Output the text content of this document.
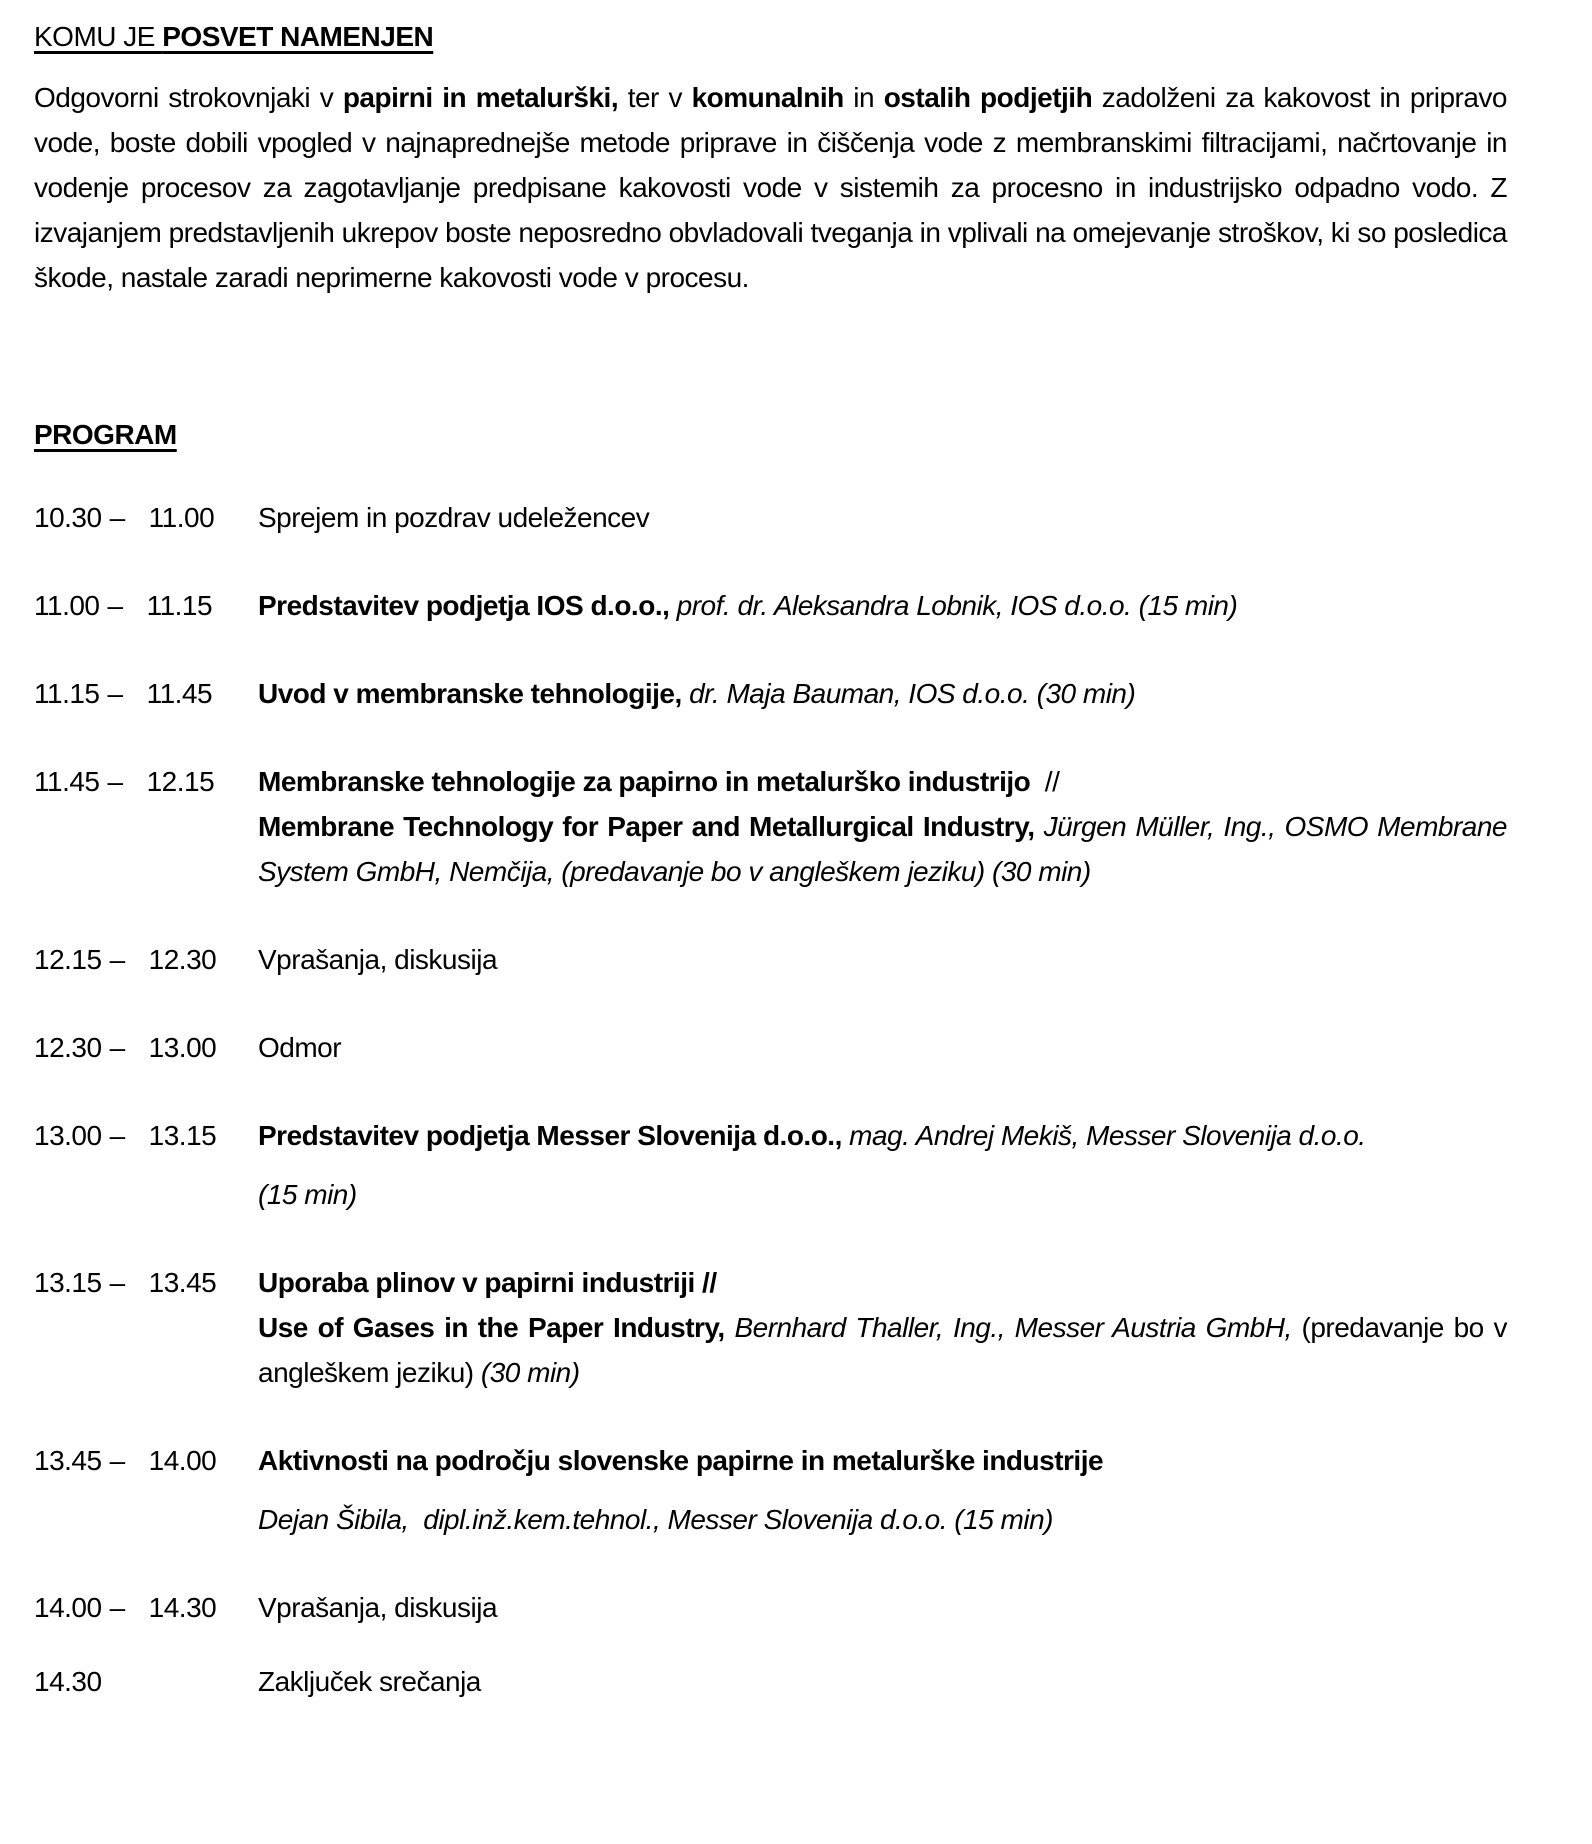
KOMU JE POSVET NAMENJEN

Odgovorni strokovnjaki v papirni in metalurški, ter v komunalnih in ostalih podjetjih zadolženi za kakovost in pripravo vode, boste dobili vpogled v najnaprednejše metode priprave in čiščenja vode z membranskimi filtracijami, načrtovanje in vodenje procesov za zagotavljanje predpisane kakovosti vode v sistemih za procesno in industrijsko odpadno vodo. Z izvajanjem predstavljenih ukrepov boste neposredno obvladovali tveganja in vplivali na omejevanje stroškov, ki so posledica škode, nastale zaradi neprimerne kakovosti vode v procesu.

PROGRAM
10.30 – 11.00	Sprejem in pozdrav udeležencev

11.00 – 11.15	Predstavitev podjetja IOS d.o.o., prof. dr. Aleksandra Lobnik, IOS d.o.o. (15 min)

11.15 – 11.45	Uvod v membranske tehnologije, dr. Maja Bauman, IOS d.o.o. (30 min)

11.45 – 12.15	Membranske tehnologije za papirno in metalurško industrijo  //

Membrane Technology for Paper and Metallurgical Industry, Jürgen Müller, Ing., OSMO Membrane System GmbH, Nemčija, (predavanje bo v angleškem jeziku) (30 min)

12.15 – 12.30	Vprašanja, diskusija

12.30 – 13.00	Odmor

13.00 – 13.15	Predstavitev podjetja Messer Slovenija d.o.o., mag. Andrej Mekiš, Messer Slovenija d.o.o.

(15 min)

13.15 – 13.45	Uporaba plinov v papirni industriji //

Use of Gases in the Paper Industry, Bernhard Thaller, Ing., Messer Austria GmbH, (predavanje bo v angleškem jeziku) (30 min)

13.45 – 14.00	Aktivnosti na področju slovenske papirne in metalurške industrije

Dejan Šibila,  dipl.inž.kem.tehnol., Messer Slovenija d.o.o. (15 min)

14.00 – 14.30	Vprašanja, diskusija

14.30	Zaključek srečanja
